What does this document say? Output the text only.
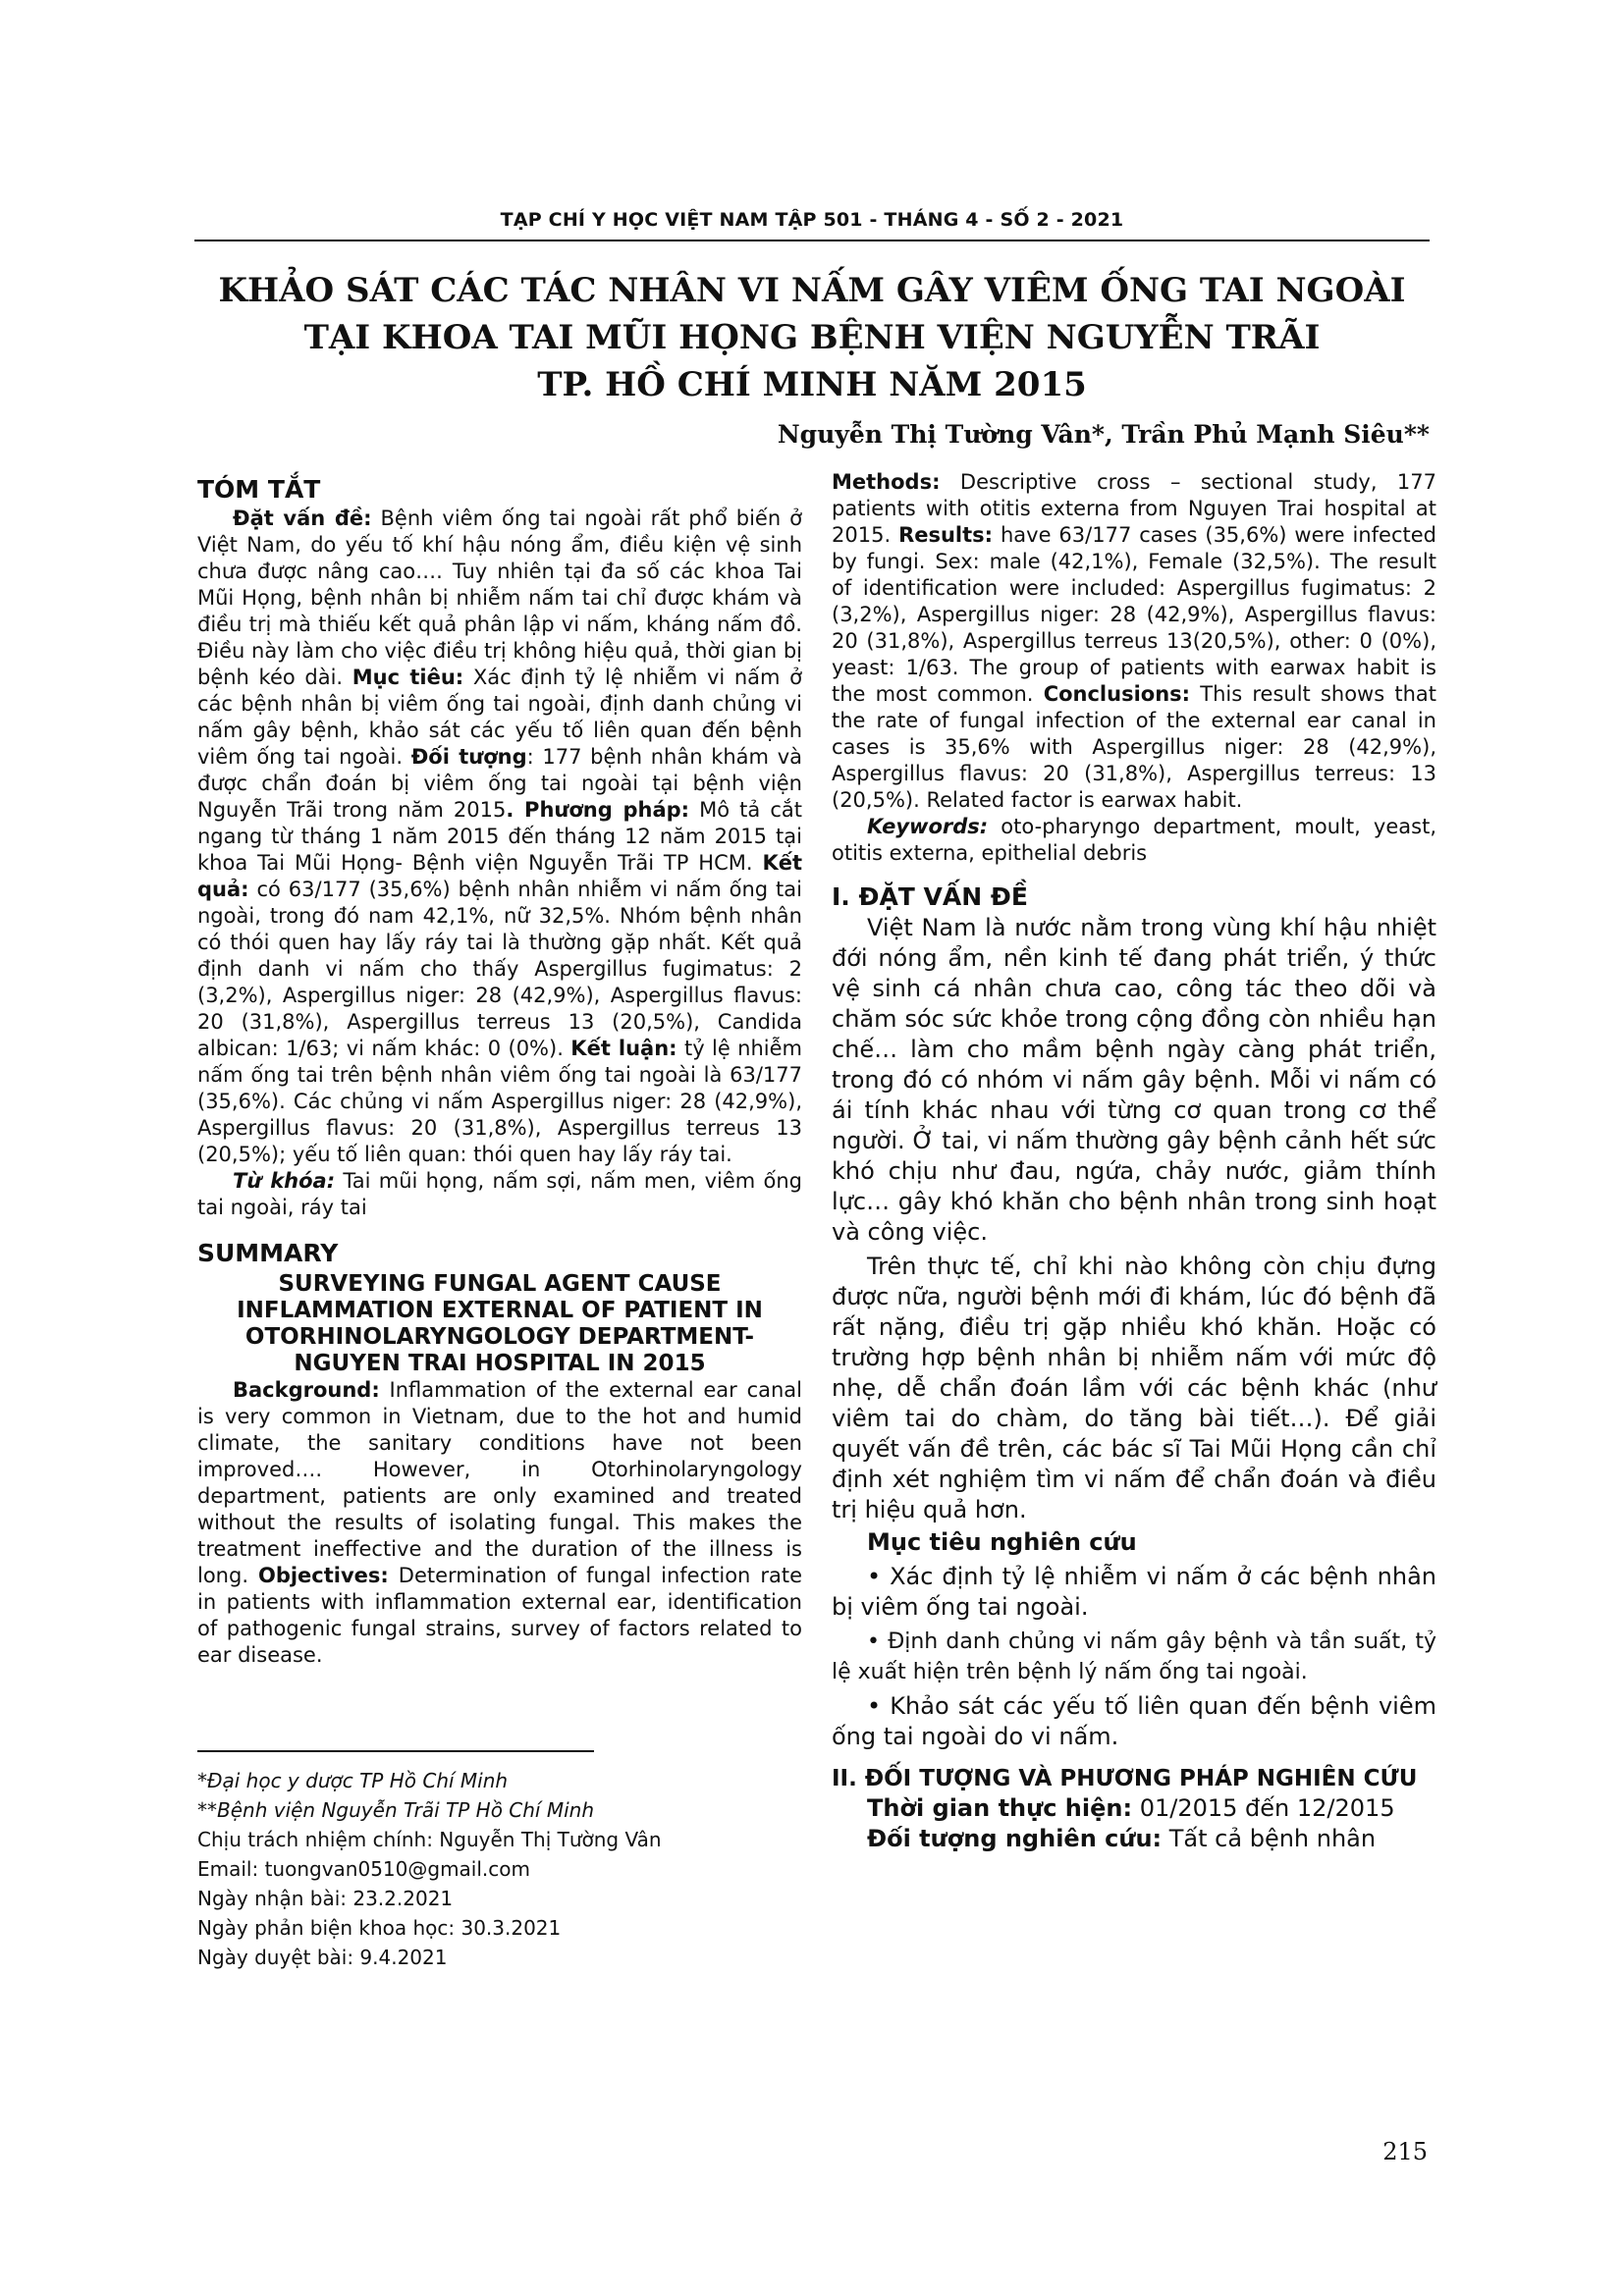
TẠP CHÍ Y HỌC VIỆT NAM TẬP 501 - THÁNG 4 - SỐ 2 - 2021
KHẢO SÁT CÁC TÁC NHÂN VI NẤM GÂY VIÊM ỐNG TAI NGOÀI
TẠI KHOA TAI MŨI HỌNG BỆNH VIỆN NGUYỄN TRÃI
TP. HỒ CHÍ MINH NĂM 2015
Nguyễn Thị Tường Vân*, Trần Phủ Mạnh Siêu**
TÓM TẮT

Đặt vấn đề: Bệnh viêm ống tai ngoài rất phổ biến ở Việt Nam, do yếu tố khí hậu nóng ẩm, điều kiện vệ sinh chưa được nâng cao…. Tuy nhiên tại đa số các khoa Tai Mũi Họng, bệnh nhân bị nhiễm nấm tai chỉ được khám và điều trị mà thiếu kết quả phân lập vi nấm, kháng nấm đồ. Điều này làm cho việc điều trị không hiệu quả, thời gian bị bệnh kéo dài. Mục tiêu: Xác định tỷ lệ nhiễm vi nấm ở các bệnh nhân bị viêm ống tai ngoài, định danh chủng vi nấm gây bệnh, khảo sát các yếu tố liên quan đến bệnh viêm ống tai ngoài. Đối tượng: 177 bệnh nhân khám và được chẩn đoán bị viêm ống tai ngoài tại bệnh viện Nguyễn Trãi trong năm 2015. Phương pháp: Mô tả cắt ngang từ tháng 1 năm 2015 đến tháng 12 năm 2015 tại khoa Tai Mũi Họng- Bệnh viện Nguyễn Trãi TP HCM. Kết quả: có 63/177 (35,6%) bệnh nhân nhiễm vi nấm ống tai ngoài, trong đó nam 42,1%, nữ 32,5%. Nhóm bệnh nhân có thói quen hay lấy ráy tai là thường gặp nhất. Kết quả định danh vi nấm cho thấy Aspergillus fugimatus: 2 (3,2%), Aspergillus niger: 28 (42,9%), Aspergillus flavus: 20 (31,8%), Aspergillus terreus 13 (20,5%), Candida albican: 1/63; vi nấm khác: 0 (0%). Kết luận: tỷ lệ nhiễm nấm ống tai trên bệnh nhân viêm ống tai ngoài là 63/177 (35,6%). Các chủng vi nấm Aspergillus niger: 28 (42,9%), Aspergillus flavus: 20 (31,8%), Aspergillus terreus 13 (20,5%); yếu tố liên quan: thói quen hay lấy ráy tai.

Từ khóa: Tai mũi họng, nấm sợi, nấm men, viêm ống tai ngoài, ráy tai

SUMMARY
SURVEYING FUNGAL AGENT CAUSE INFLAMMATION EXTERNAL OF PATIENT IN OTORHINOLARYNGOLOGY DEPARTMENT- NGUYEN TRAI HOSPITAL IN 2015

Background: Inflammation of the external ear canal is very common in Vietnam, due to the hot and humid climate, the sanitary conditions have not been improved…. However, in Otorhinolaryngology department, patients are only examined and treated without the results of isolating fungal. This makes the treatment ineffective and the duration of the illness is long. Objectives: Determination of fungal infection rate in patients with inflammation external ear, identification of pathogenic fungal strains, survey of factors related to ear disease.

*Đại học y dược TP Hồ Chí Minh

**Bệnh viện Nguyễn Trãi TP Hồ Chí Minh

Chịu trách nhiệm chính: Nguyễn Thị Tường Vân

Email: tuongvan0510@gmail.com

Ngày nhận bài: 23.2.2021

Ngày phản biện khoa học: 30.3.2021

Ngày duyệt bài: 9.4.2021

Methods: Descriptive cross – sectional study, 177 patients with otitis externa from Nguyen Trai hospital at 2015. Results: have 63/177 cases (35,6%) were infected by fungi. Sex: male (42,1%), Female (32,5%). The result of identification were included: Aspergillus fugimatus: 2 (3,2%), Aspergillus niger: 28 (42,9%), Aspergillus flavus: 20 (31,8%), Aspergillus terreus 13(20,5%), other: 0 (0%), yeast: 1/63. The group of patients with earwax habit is the most common. Conclusions: This result shows that the rate of fungal infection of the external ear canal in cases is 35,6% with Aspergillus niger: 28 (42,9%), Aspergillus flavus: 20 (31,8%), Aspergillus terreus: 13 (20,5%). Related factor is earwax habit.

Keywords: oto-pharyngo department, moult, yeast, otitis externa, epithelial debris

I. ĐẶT VẤN ĐỀ

Việt Nam là nước nằm trong vùng khí hậu nhiệt đới nóng ẩm, nền kinh tế đang phát triển, ý thức vệ sinh cá nhân chưa cao, công tác theo dõi và chăm sóc sức khỏe trong cộng đồng còn nhiều hạn chế… làm cho mầm bệnh ngày càng phát triển, trong đó có nhóm vi nấm gây bệnh. Mỗi vi nấm có ái tính khác nhau với từng cơ quan trong cơ thể người. Ở tai, vi nấm thường gây bệnh cảnh hết sức khó chịu như đau, ngứa, chảy nước, giảm thính lực… gây khó khăn cho bệnh nhân trong sinh hoạt và công việc.

Trên thực tế, chỉ khi nào không còn chịu đựng được nữa, người bệnh mới đi khám, lúc đó bệnh đã rất nặng, điều trị gặp nhiều khó khăn. Hoặc có trường hợp bệnh nhân bị nhiễm nấm với mức độ nhẹ, dễ chẩn đoán lầm với các bệnh khác (như viêm tai do chàm, do tăng bài tiết…). Để giải quyết vấn đề trên, các bác sĩ Tai Mũi Họng cần chỉ định xét nghiệm tìm vi nấm để chẩn đoán và điều trị hiệu quả hơn.

Mục tiêu nghiên cứu

• Xác định tỷ lệ nhiễm vi nấm ở các bệnh nhân bị viêm ống tai ngoài.

• Định danh chủng vi nấm gây bệnh và tần suất, tỷ lệ xuất hiện trên bệnh lý nấm ống tai ngoài.

• Khảo sát các yếu tố liên quan đến bệnh viêm ống tai ngoài do vi nấm.

II. ĐỐI TƯỢNG VÀ PHƯƠNG PHÁP NGHIÊN CỨU

Thời gian thực hiện: 01/2015 đến 12/2015

Đối tượng nghiên cứu: Tất cả bệnh nhân

215
